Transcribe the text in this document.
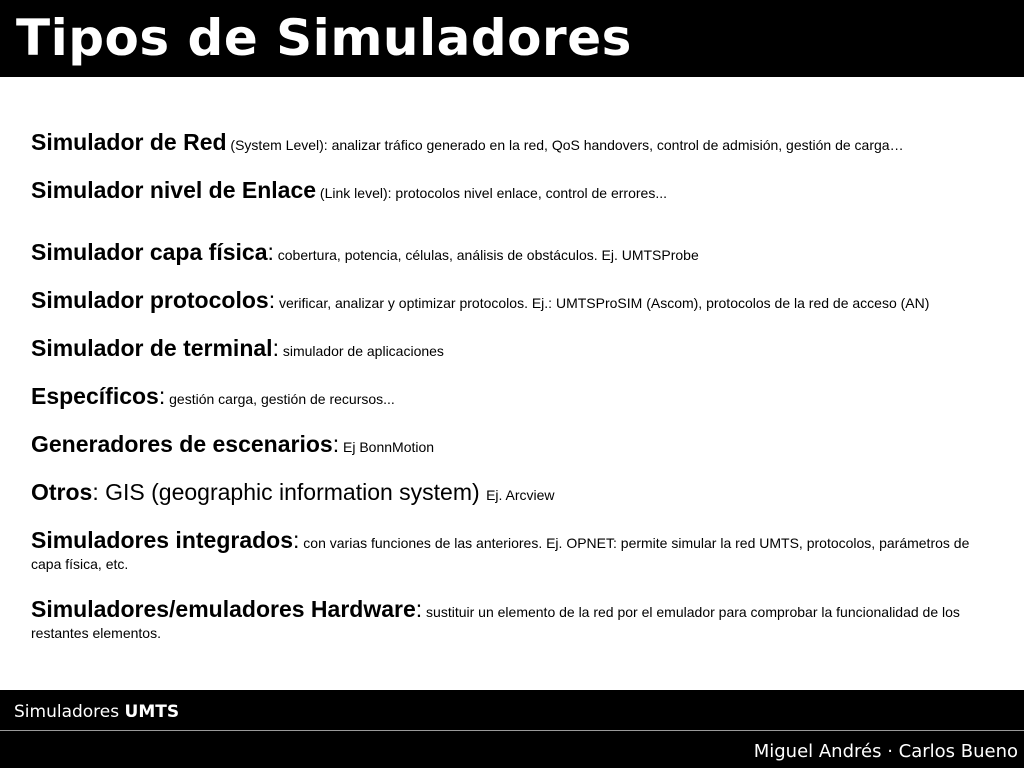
Tipos de Simuladores

Simulador de Red (System Level): analizar tráfico generado en la red, QoS handovers, control de admisión, gestión de carga…

Simulador nivel de Enlace (Link level): protocolos nivel enlace, control de errores...

Simulador capa física: cobertura, potencia, células, análisis de obstáculos. Ej. UMTSProbe

Simulador protocolos: verificar, analizar y optimizar protocolos. Ej.: UMTSProSIM (Ascom), protocolos de la red de acceso (AN)

Simulador de terminal: simulador de aplicaciones

Específicos: gestión carga, gestión de recursos...

Generadores de escenarios: Ej BonnMotion

Otros: GIS (geographic information system) Ej. Arcview

Simuladores integrados: con varias funciones de las anteriores. Ej. OPNET: permite simular la red UMTS, protocolos, parámetros de capa física, etc.

Simuladores/emuladores Hardware: sustituir un elemento de la red por el emulador para comprobar la funcionalidad de los restantes elementos.

Simuladores UMTS
Miguel Andrés · Carlos Bueno
